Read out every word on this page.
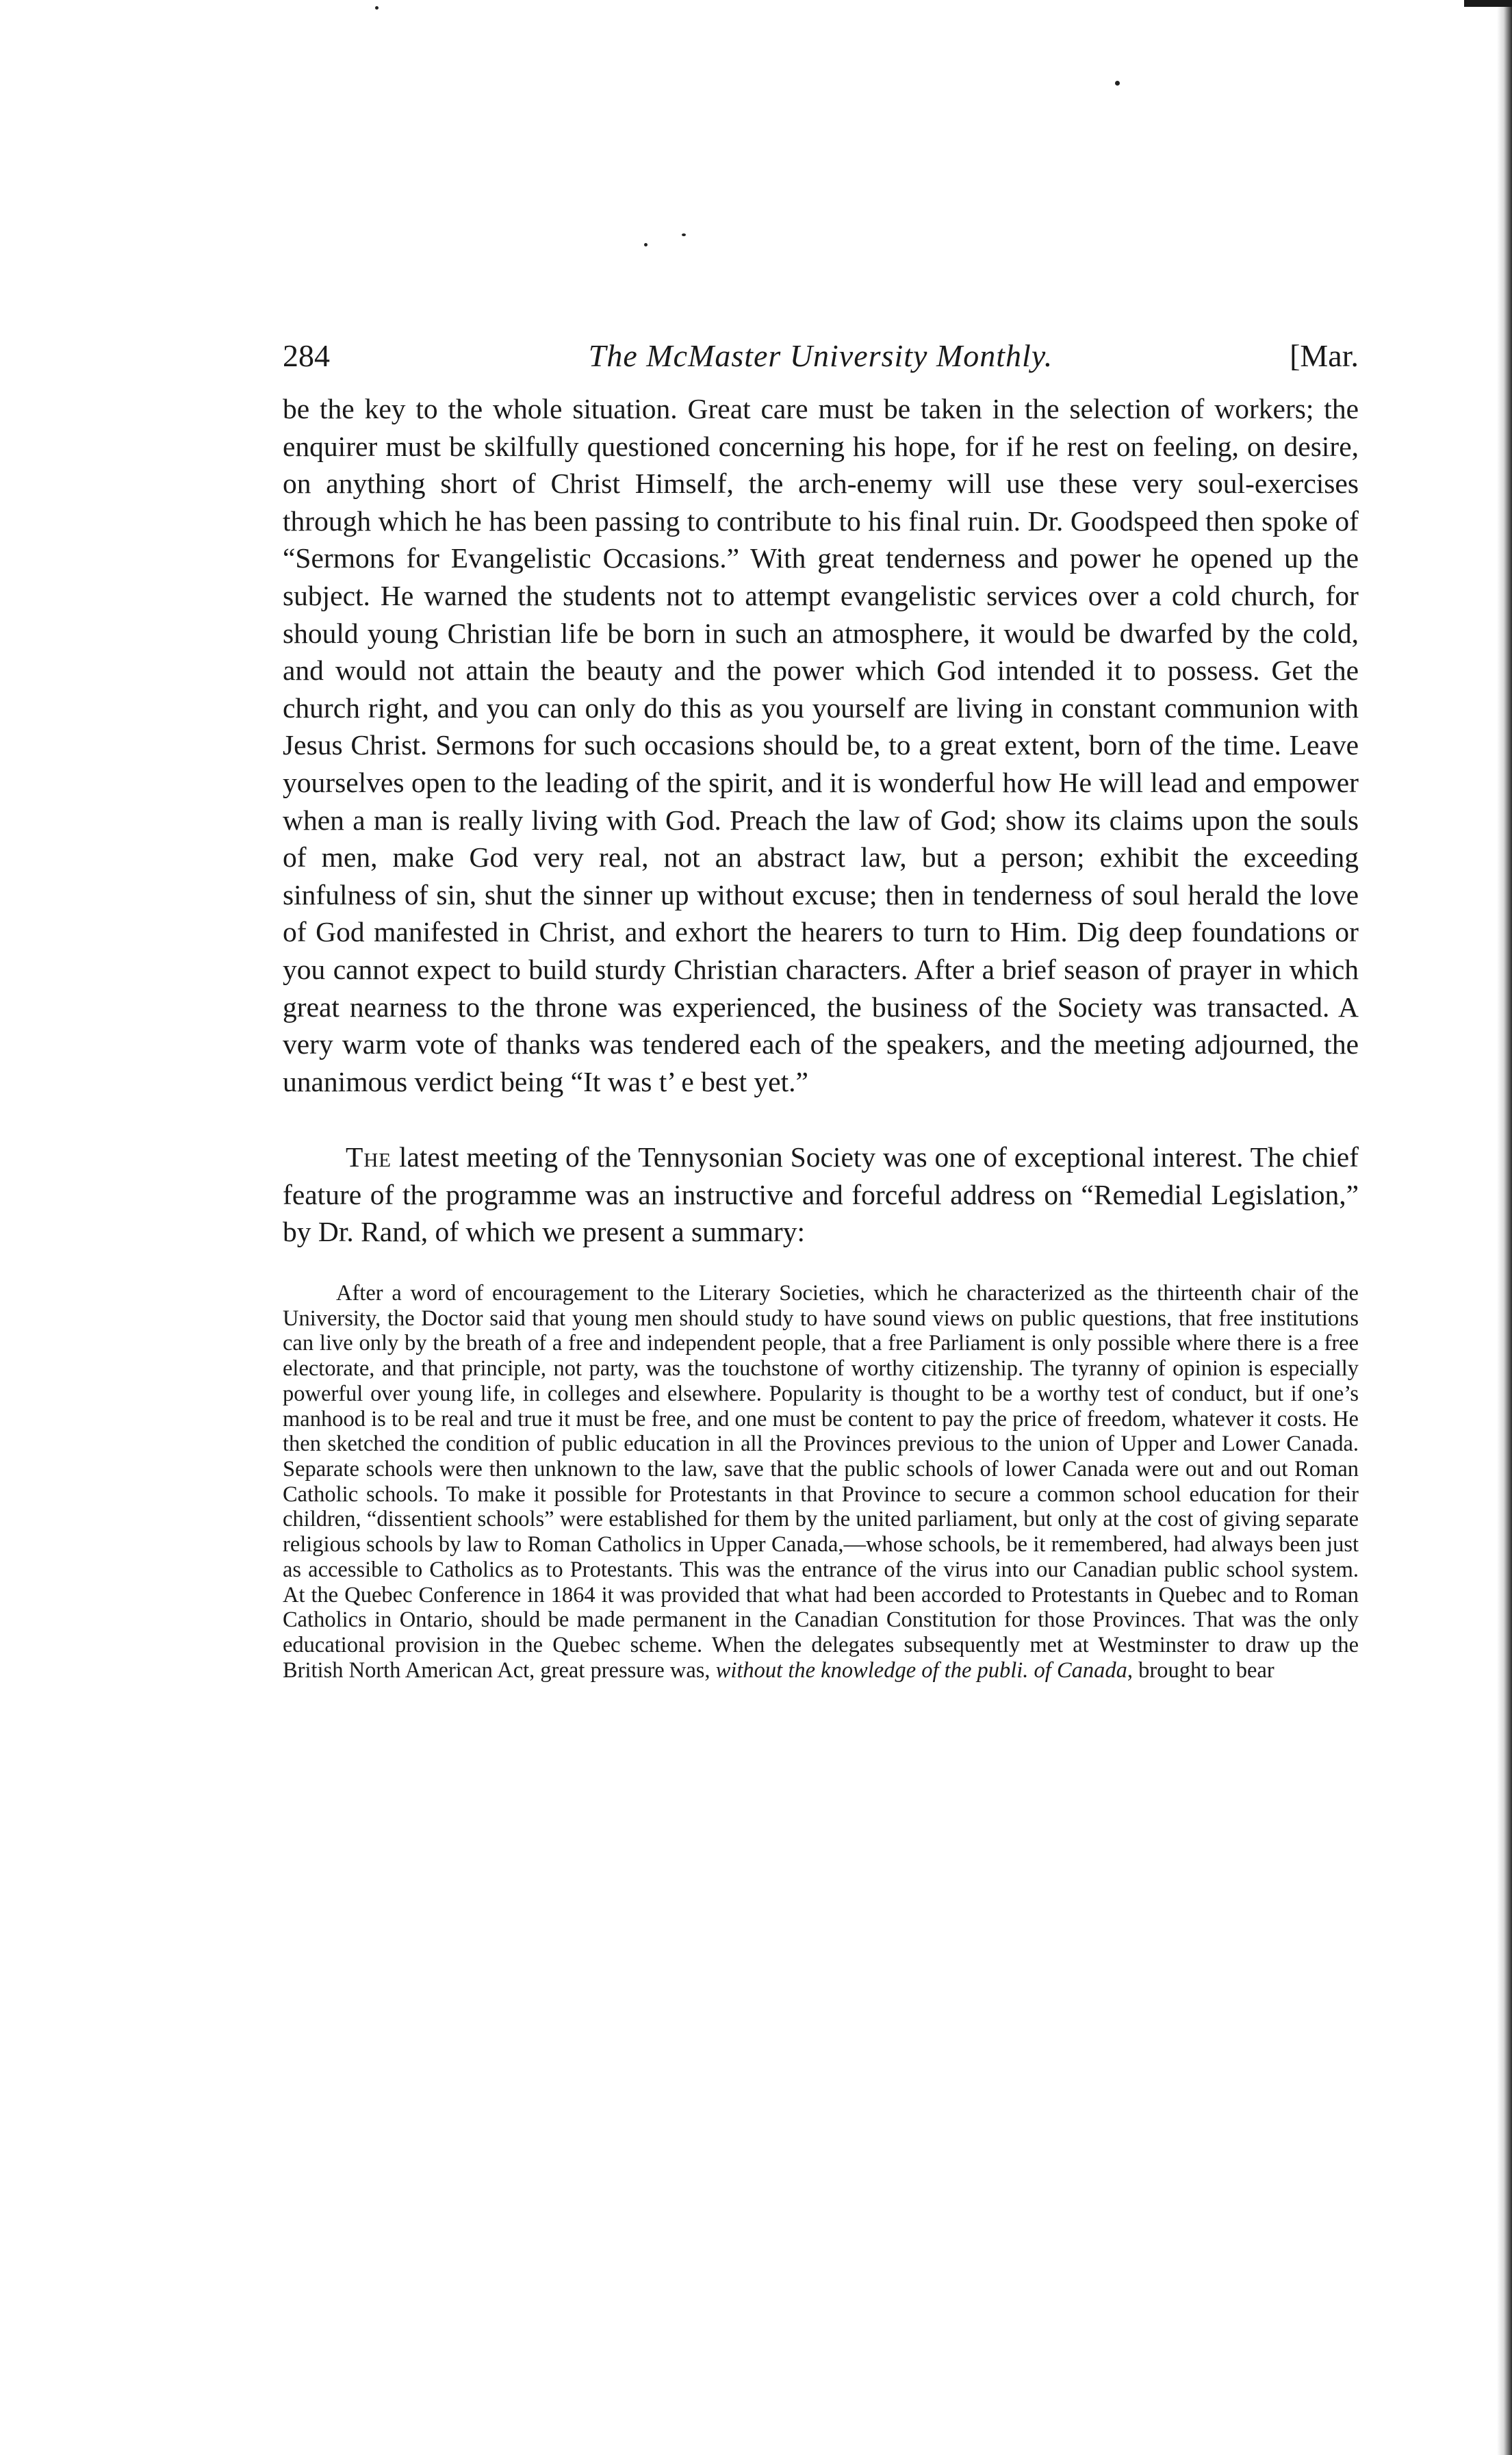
284	The McMaster University Monthly.	[Mar.

be the key to the whole situation. Great care must be taken in the selection of workers; the enquirer must be skilfully questioned concerning his hope, for if he rest on feeling, on desire, on anything short of Christ Himself, the arch-enemy will use these very soul-exercises through which he has been passing to contribute to his final ruin. Dr. Goodspeed then spoke of “Sermons for Evangelistic Occasions.” With great tenderness and power he opened up the subject. He warned the students not to attempt evangelistic services over a cold church, for should young Christian life be born in such an atmosphere, it would be dwarfed by the cold, and would not attain the beauty and the power which God intended it to possess. Get the church right, and you can only do this as you yourself are living in constant communion with Jesus Christ. Sermons for such occasions should be, to a great extent, born of the time. Leave yourselves open to the leading of the spirit, and it is wonderful how He will lead and empower when a man is really living with God. Preach the law of God; show its claims upon the souls of men, make God very real, not an abstract law, but a person; exhibit the exceeding sinfulness of sin, shut the sinner up without excuse; then in tenderness of soul herald the love of God manifested in Christ, and exhort the hearers to turn to Him. Dig deep foundations or you cannot expect to build sturdy Christian characters. After a brief season of prayer in which great nearness to the throne was experienced, the business of the Society was transacted. A very warm vote of thanks was tendered each of the speakers, and the meeting adjourned, the unanimous verdict being “It was t’ e best yet.”

The latest meeting of the Tennysonian Society was one of exceptional interest. The chief feature of the programme was an instructive and forceful address on “Remedial Legislation,” by Dr. Rand, of which we present a summary:

After a word of encouragement to the Literary Societies, which he characterized as the thirteenth chair of the University, the Doctor said that young men should study to have sound views on public questions, that free institutions can live only by the breath of a free and independent people, that a free Parliament is only possible where there is a free electorate, and that principle, not party, was the touchstone of worthy citizenship. The tyranny of opinion is especially powerful over young life, in colleges and elsewhere. Popularity is thought to be a worthy test of conduct, but if one’s manhood is to be real and true it must be free, and one must be content to pay the price of freedom, whatever it costs. He then sketched the condition of public education in all the Provinces previous to the union of Upper and Lower Canada. Separate schools were then unknown to the law, save that the public schools of lower Canada were out and out Roman Catholic schools. To make it possible for Protestants in that Province to secure a common school education for their children, “dissentient schools” were established for them by the united parliament, but only at the cost of giving separate religious schools by law to Roman Catholics in Upper Canada,—whose schools, be it remembered, had always been just as accessible to Catholics as to Protestants. This was the entrance of the virus into our Canadian public school system. At the Quebec Conference in 1864 it was provided that what had been accorded to Protestants in Quebec and to Roman Catholics in Ontario, should be made permanent in the Canadian Constitution for those Provinces. That was the only educational provision in the Quebec scheme. When the delegates subsequently met at Westminster to draw up the British North American Act, great pressure was, without the knowledge of the publi. of Canada, brought to bear
